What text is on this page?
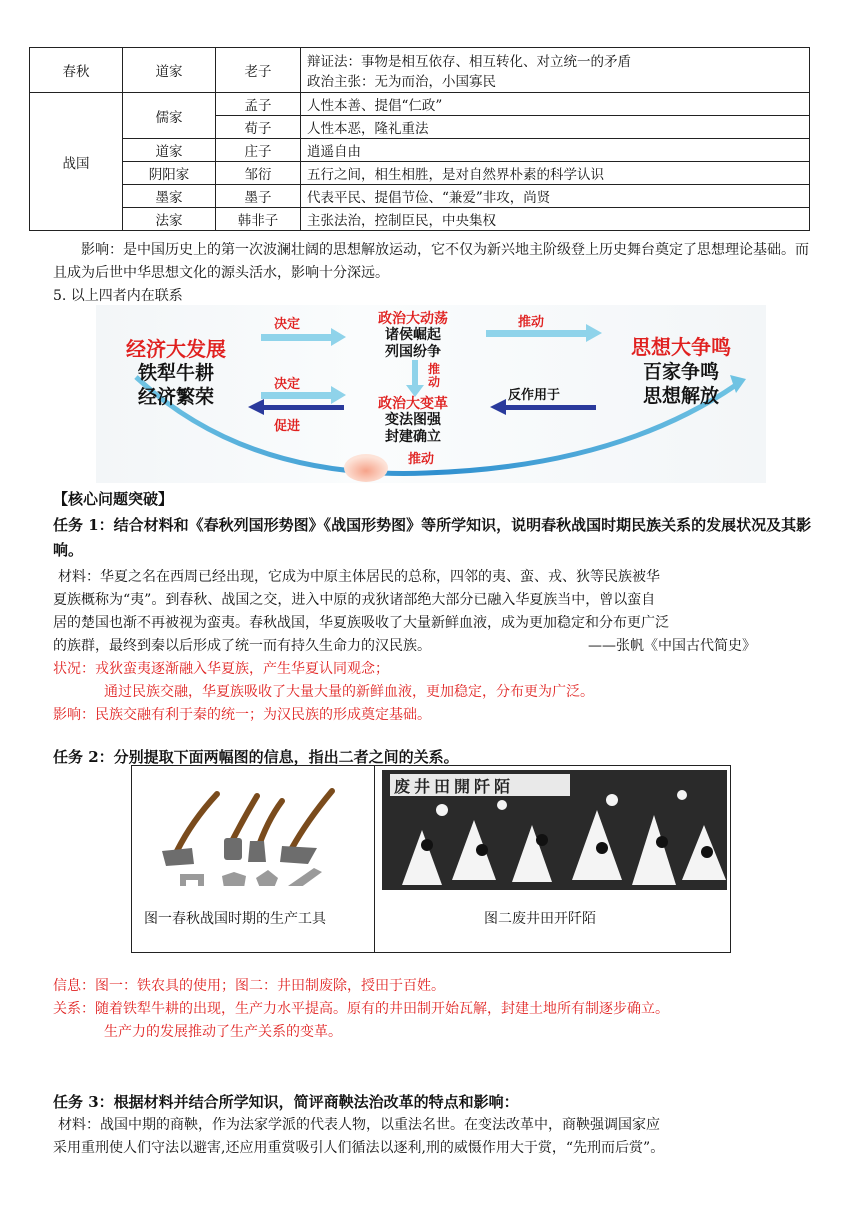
春秋	道家	老子	辩证法：事物是相互依存、相互转化、对立统一的矛盾
政治主张：无为而治，小国寡民

战国	儒家	孟子	人性本善、提倡“仁政”
		荀子	人性本恶，隆礼重法
	道家	庄子	逍遥自由
	阴阳家	邹衍	五行之间，相生相胜，是对自然界朴素的科学认识
	墨家	墨子	代表平民、提倡节俭、“兼爱”非攻，尚贤
	法家	韩非子	主张法治，控制臣民，中央集权
影响：是中国历史上的第一次波澜壮阔的思想解放运动，它不仅为新兴地主阶级登上历史舞台奠定了思想理论基础。而且成为后世中华思想文化的源头活水，影响十分深远。
5. 以上四者内在联系
经济大发展
铁犁牛耕
经济繁荣
决定
决定
促进
政治大动荡
诸侯崛起
列国纷争
推动
政治大变革
变法图强
封建确立
推动
反作用于
推动
思想大争鸣
百家争鸣
思想解放
【核心问题突破】
任务 1：结合材料和《春秋列国形势图》《战国形势图》等所学知识，说明春秋战国时期民族关系的发展状况及其影响。
材料：华夏之名在西周已经出现，它成为中原主体居民的总称，四邻的夷、蛮、戎、狄等民族被华
夏族概称为“夷”。到春秋、战国之交，进入中原的戎狄诸部绝大部分已融入华夏族当中，曾以蛮自
居的楚国也渐不再被视为蛮夷。春秋战国，华夏族吸收了大量新鲜血液，成为更加稳定和分布更广泛
的族群，最终到秦以后形成了统一而有持久生命力的汉民族。	——张帆《中国古代简史》
状况：戎狄蛮夷逐渐融入华夏族，产生华夏认同观念；
通过民族交融，华夏族吸收了大量大量的新鲜血液，更加稳定，分布更为广泛。
影响：民族交融有利于秦的统一；为汉民族的形成奠定基础。
任务 2：分别提取下面两幅图的信息，指出二者之间的关系。
图一春秋战国时期的生产工具
废井田開阡陌
图二废井田开阡陌
信息：图一：铁农具的使用；图二：井田制废除，授田于百姓。
关系：随着铁犁牛耕的出现，生产力水平提高。原有的井田制开始瓦解，封建土地所有制逐步确立。
生产力的发展推动了生产关系的变革。
任务 3：根据材料并结合所学知识，简评商鞅法治改革的特点和影响：
材料：战国中期的商鞅，作为法家学派的代表人物，以重法名世。在变法改革中，商鞅强调国家应
采用重刑使人们守法以避害,还应用重赏吸引人们循法以逐利,刑的威慑作用大于赏，“先刑而后赏”。
